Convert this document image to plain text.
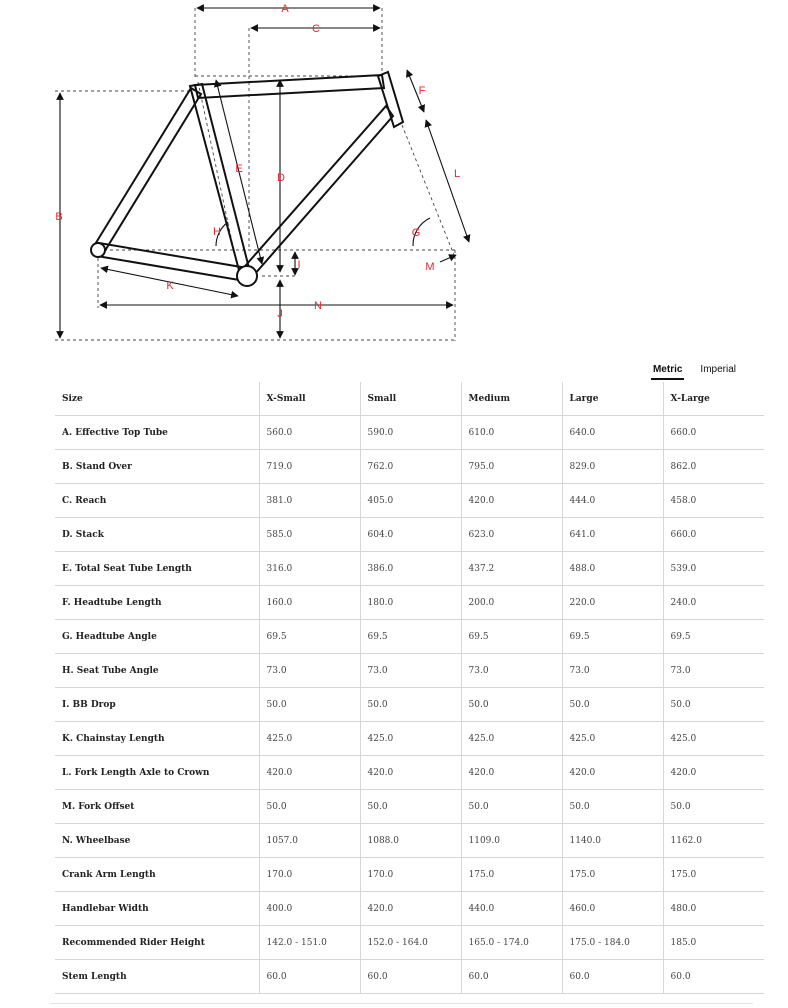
A
B
C
D
E
F
G
H
I
J
K
L
M
N
Metric Imperial
Size	X-Small	Small	Medium	Large	X-Large
A. Effective Top Tube	560.0	590.0	610.0	640.0	660.0
B. Stand Over	719.0	762.0	795.0	829.0	862.0
C. Reach	381.0	405.0	420.0	444.0	458.0
D. Stack	585.0	604.0	623.0	641.0	660.0
E. Total Seat Tube Length	316.0	386.0	437.2	488.0	539.0
F. Headtube Length	160.0	180.0	200.0	220.0	240.0
G. Headtube Angle	69.5	69.5	69.5	69.5	69.5
H. Seat Tube Angle	73.0	73.0	73.0	73.0	73.0
I. BB Drop	50.0	50.0	50.0	50.0	50.0
K. Chainstay Length	425.0	425.0	425.0	425.0	425.0
L. Fork Length Axle to Crown	420.0	420.0	420.0	420.0	420.0
M. Fork Offset	50.0	50.0	50.0	50.0	50.0
N. Wheelbase	1057.0	1088.0	1109.0	1140.0	1162.0
Crank Arm Length	170.0	170.0	175.0	175.0	175.0
Handlebar Width	400.0	420.0	440.0	460.0	480.0
Recommended Rider Height	142.0 - 151.0	152.0 - 164.0	165.0 - 174.0	175.0 - 184.0	185.0
Stem Length	60.0	60.0	60.0	60.0	60.0
